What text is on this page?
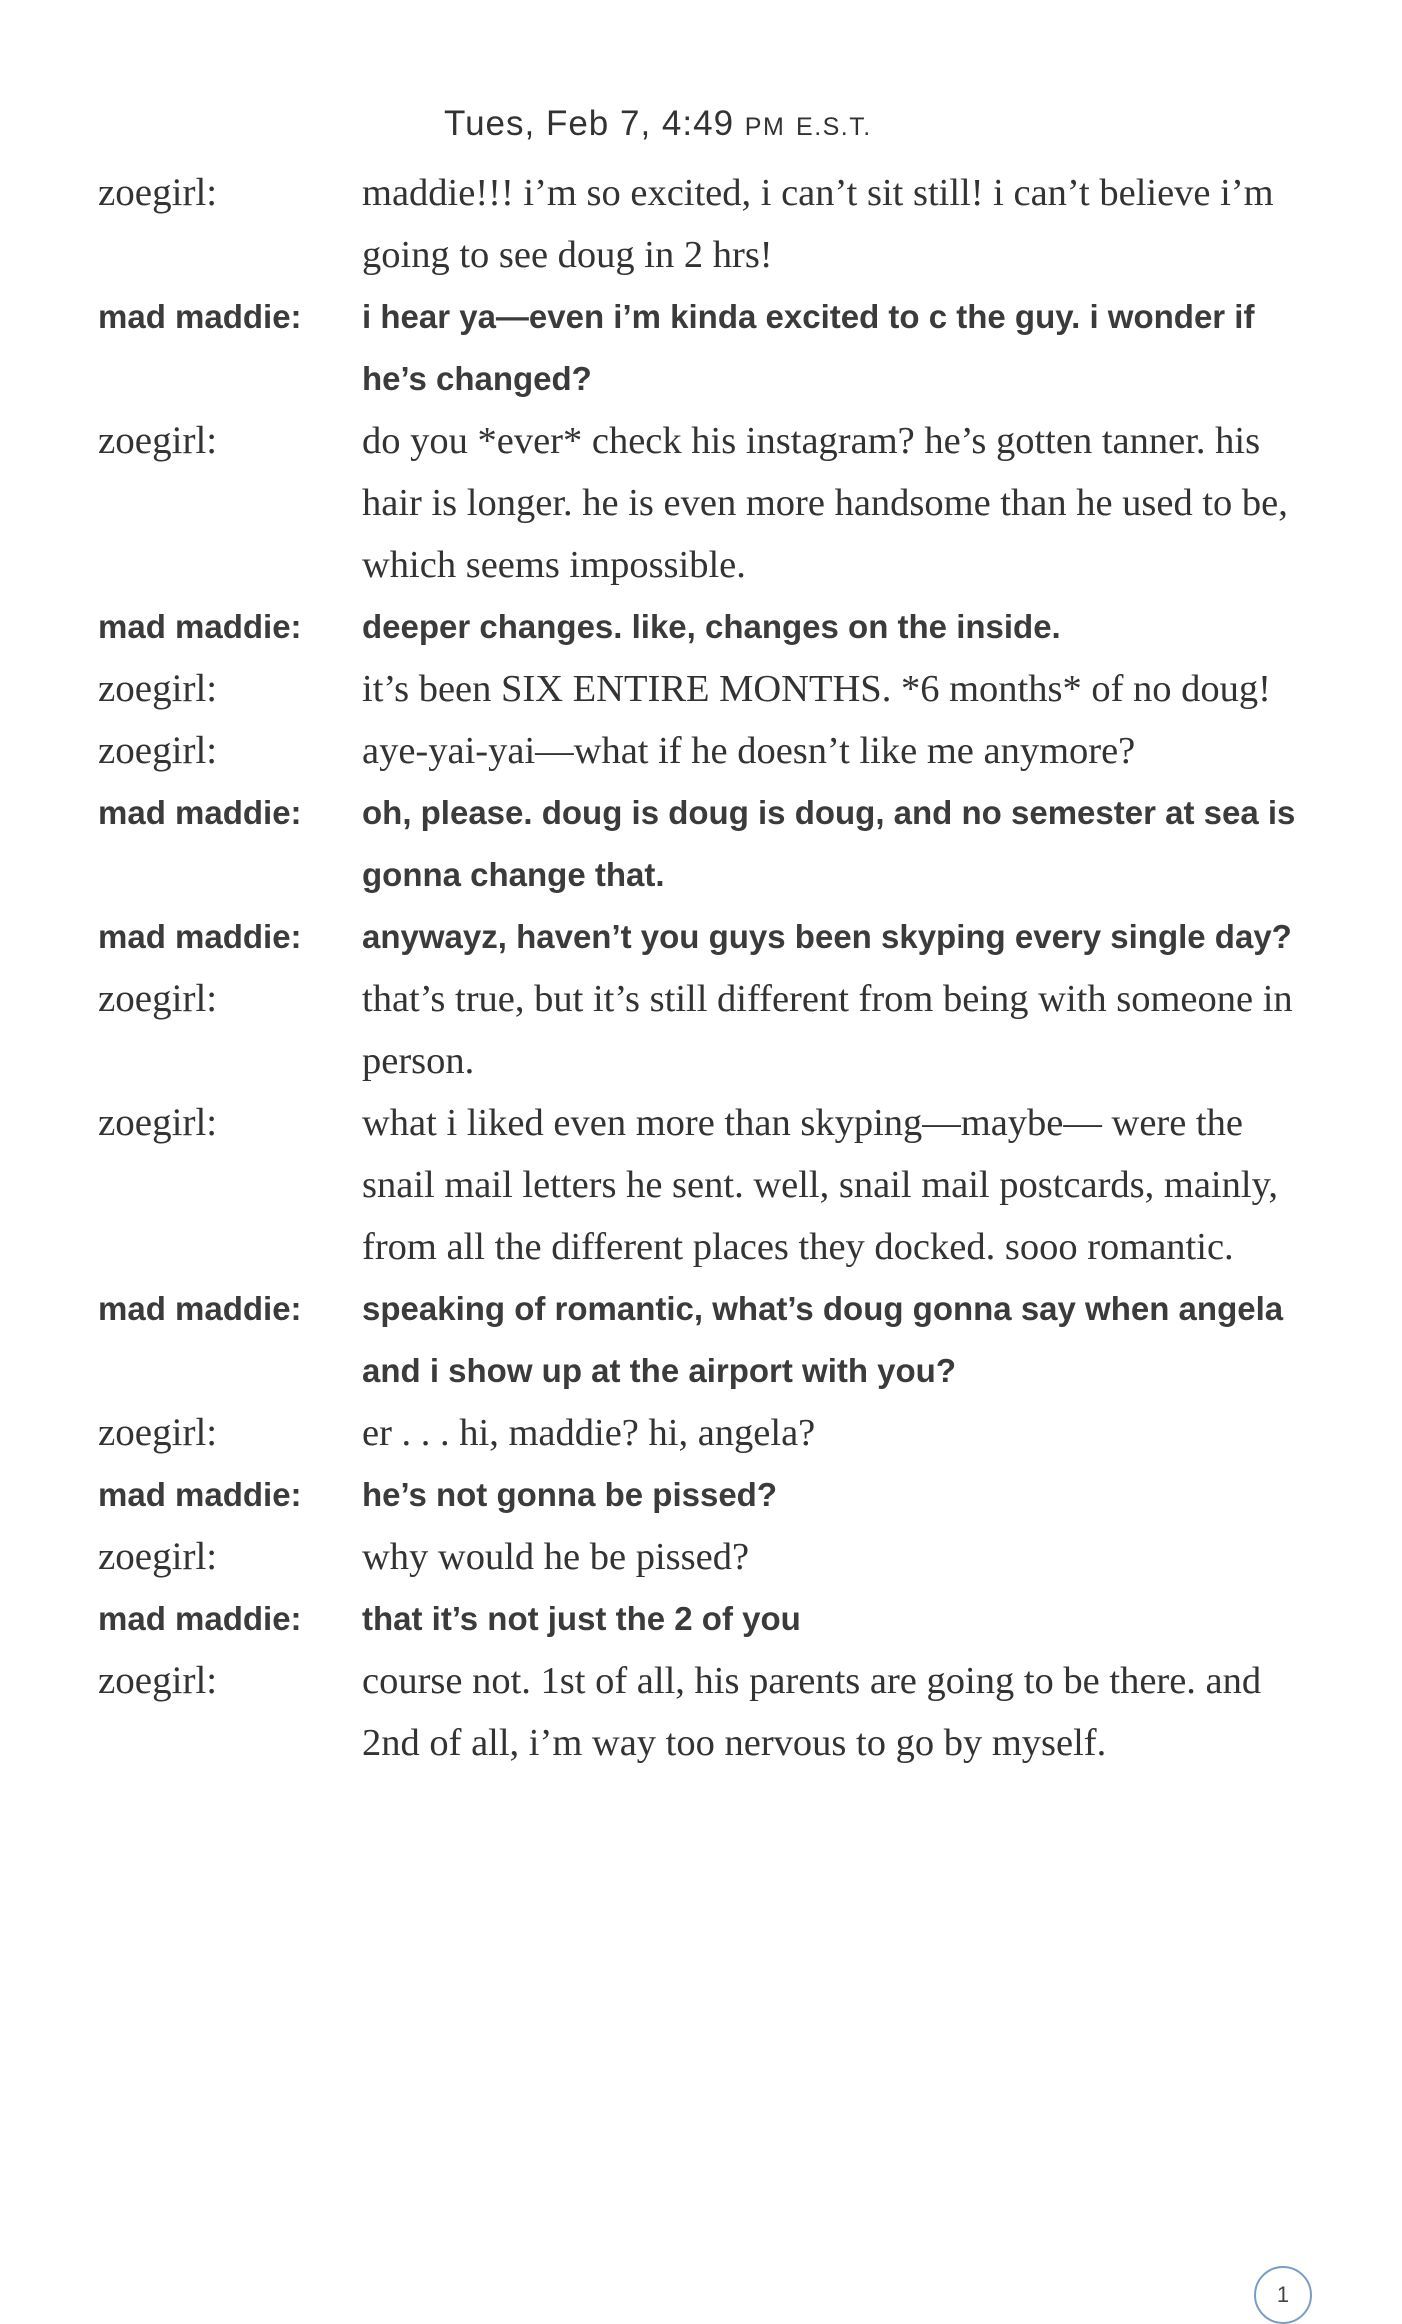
Tues, Feb 7, 4:49 PM E.S.T.
zoegirl:	maddie!!! i’m so excited, i can’t sit still! i can’t believe i’m going to see doug in 2 hrs!

mad maddie:	i hear ya—even i’m kinda excited to c the guy. i wonder if he’s changed?

zoegirl:	do you *ever* check his instagram? he’s gotten tanner. his hair is longer. he is even more handsome than he used to be, which seems impossible.

mad maddie:	deeper changes. like, changes on the inside.

zoegirl:	it’s been SIX ENTIRE MONTHS. *6 months* of no doug!

zoegirl:	aye-yai-yai—what if he doesn’t like me anymore?

mad maddie:	oh, please. doug is doug is doug, and no semester at sea is gonna change that.

mad maddie:	anywayz, haven’t you guys been skyping every single day?

zoegirl:	that’s true, but it’s still different from being with someone in person.

zoegirl:	what i liked even more than skyping—maybe— were the snail mail letters he sent. well, snail mail postcards, mainly, from all the different places they docked. sooo romantic.

mad maddie:	speaking of romantic, what’s doug gonna say when angela and i show up at the airport with you?

zoegirl:	er . . . hi, maddie? hi, angela?

mad maddie:	he’s not gonna be pissed?

zoegirl:	why would he be pissed?

mad maddie:	that it’s not just the 2 of you

zoegirl:	course not. 1st of all, his parents are going to be there. and 2nd of all, i’m way too nervous to go by myself.

1
